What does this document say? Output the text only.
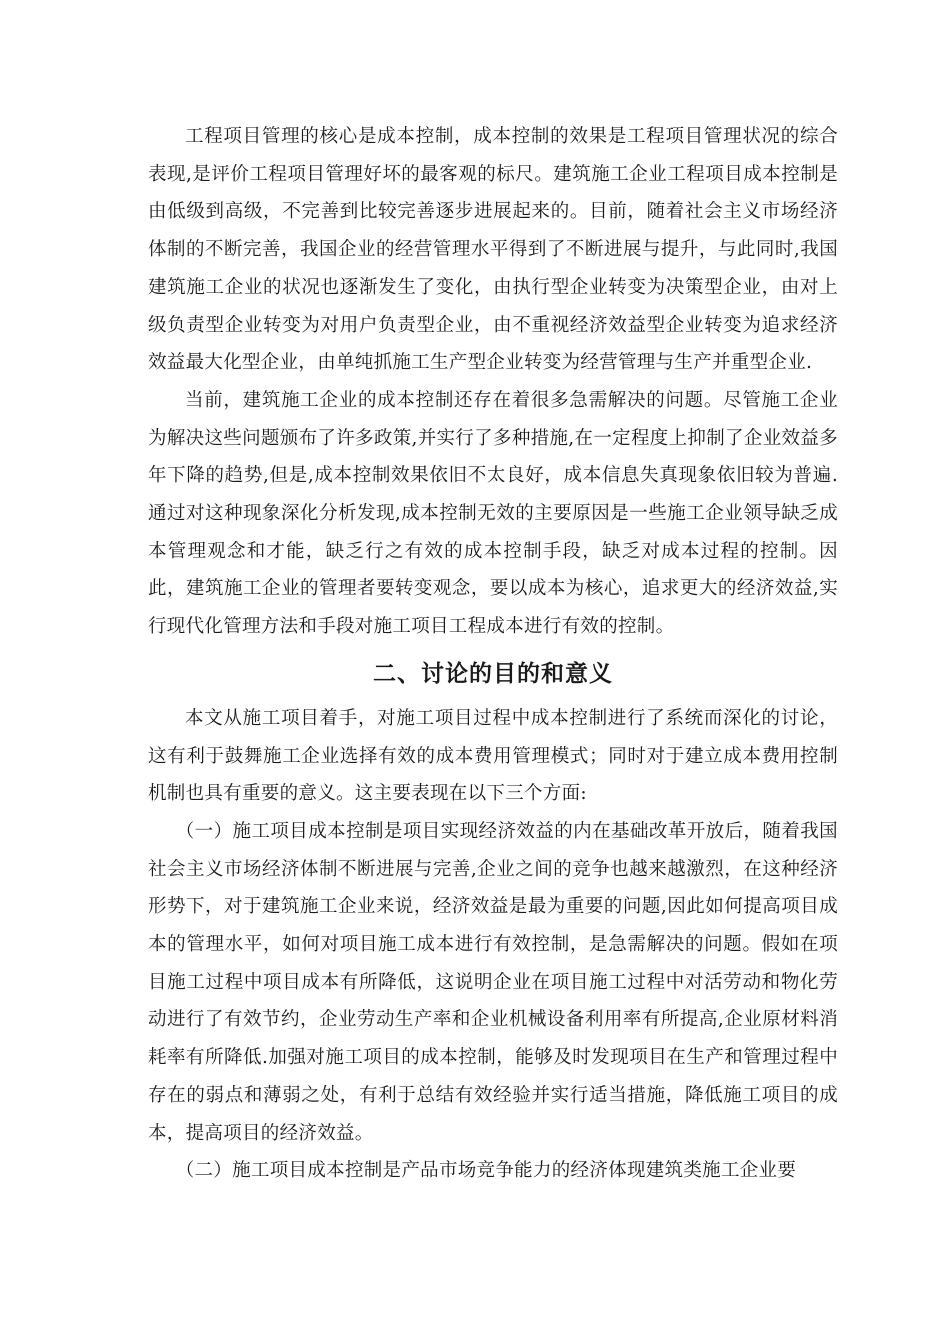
工程项目管理的核心是成本控制，成本控制的效果是工程项目管理状况的综合表现,是评价工程项目管理好坏的最客观的标尺。建筑施工企业工程项目成本控制是由低级到高级，不完善到比较完善逐步进展起来的。目前，随着社会主义市场经济体制的不断完善，我国企业的经营管理水平得到了不断进展与提升，与此同时,我国建筑施工企业的状况也逐渐发生了变化，由执行型企业转变为决策型企业，由对上级负责型企业转变为对用户负责型企业，由不重视经济效益型企业转变为追求经济效益最大化型企业，由单纯抓施工生产型企业转变为经营管理与生产并重型企业.

当前，建筑施工企业的成本控制还存在着很多急需解决的问题。尽管施工企业为解决这些问题颁布了许多政策,并实行了多种措施,在一定程度上抑制了企业效益多年下降的趋势,但是,成本控制效果依旧不太良好，成本信息失真现象依旧较为普遍.通过对这种现象深化分析发现,成本控制无效的主要原因是一些施工企业领导缺乏成本管理观念和才能，缺乏行之有效的成本控制手段，缺乏对成本过程的控制。因此，建筑施工企业的管理者要转变观念，要以成本为核心，追求更大的经济效益,实行现代化管理方法和手段对施工项目工程成本进行有效的控制。

二、讨论的目的和意义

本文从施工项目着手，对施工项目过程中成本控制进行了系统而深化的讨论，这有利于鼓舞施工企业选择有效的成本费用管理模式；同时对于建立成本费用控制机制也具有重要的意义。这主要表现在以下三个方面:

（一）施工项目成本控制是项目实现经济效益的内在基础改革开放后，随着我国社会主义市场经济体制不断进展与完善,企业之间的竞争也越来越激烈，在这种经济形势下，对于建筑施工企业来说，经济效益是最为重要的问题,因此如何提高项目成本的管理水平，如何对项目施工成本进行有效控制，是急需解决的问题。假如在项目施工过程中项目成本有所降低，这说明企业在项目施工过程中对活劳动和物化劳动进行了有效节约，企业劳动生产率和企业机械设备利用率有所提高,企业原材料消耗率有所降低.加强对施工项目的成本控制，能够及时发现项目在生产和管理过程中存在的弱点和薄弱之处，有利于总结有效经验并实行适当措施，降低施工项目的成本，提高项目的经济效益。

（二）施工项目成本控制是产品市场竞争能力的经济体现建筑类施工企业要
